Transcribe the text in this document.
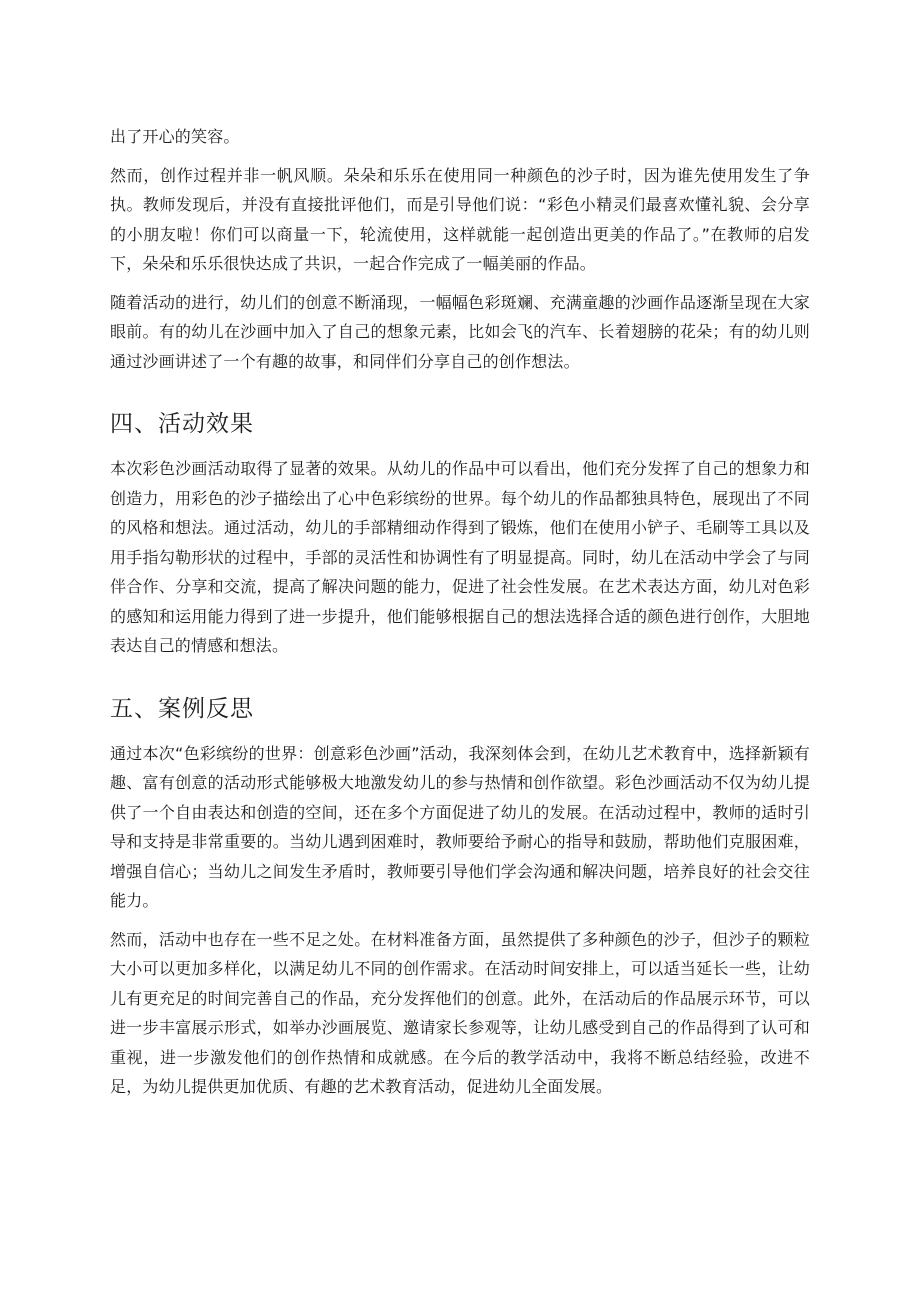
出了开心的笑容。

然而，创作过程并非一帆风顺。朵朵和乐乐在使用同一种颜色的沙子时，因为谁先使用发生了争执。教师发现后，并没有直接批评他们，而是引导他们说：“彩色小精灵们最喜欢懂礼貌、会分享的小朋友啦！你们可以商量一下，轮流使用，这样就能一起创造出更美的作品了。”在教师的启发下，朵朵和乐乐很快达成了共识，一起合作完成了一幅美丽的作品。

随着活动的进行，幼儿们的创意不断涌现，一幅幅色彩斑斓、充满童趣的沙画作品逐渐呈现在大家眼前。有的幼儿在沙画中加入了自己的想象元素，比如会飞的汽车、长着翅膀的花朵；有的幼儿则通过沙画讲述了一个有趣的故事，和同伴们分享自己的创作想法。

四、活动效果

本次彩色沙画活动取得了显著的效果。从幼儿的作品中可以看出，他们充分发挥了自己的想象力和创造力，用彩色的沙子描绘出了心中色彩缤纷的世界。每个幼儿的作品都独具特色，展现出了不同的风格和想法。通过活动，幼儿的手部精细动作得到了锻炼，他们在使用小铲子、毛刷等工具以及用手指勾勒形状的过程中，手部的灵活性和协调性有了明显提高。同时，幼儿在活动中学会了与同伴合作、分享和交流，提高了解决问题的能力，促进了社会性发展。在艺术表达方面，幼儿对色彩的感知和运用能力得到了进一步提升，他们能够根据自己的想法选择合适的颜色进行创作，大胆地表达自己的情感和想法。

五、案例反思

通过本次“色彩缤纷的世界：创意彩色沙画”活动，我深刻体会到，在幼儿艺术教育中，选择新颖有趣、富有创意的活动形式能够极大地激发幼儿的参与热情和创作欲望。彩色沙画活动不仅为幼儿提供了一个自由表达和创造的空间，还在多个方面促进了幼儿的发展。在活动过程中，教师的适时引导和支持是非常重要的。当幼儿遇到困难时，教师要给予耐心的指导和鼓励，帮助他们克服困难，增强自信心；当幼儿之间发生矛盾时，教师要引导他们学会沟通和解决问题，培养良好的社会交往能力。

然而，活动中也存在一些不足之处。在材料准备方面，虽然提供了多种颜色的沙子，但沙子的颗粒大小可以更加多样化，以满足幼儿不同的创作需求。在活动时间安排上，可以适当延长一些，让幼儿有更充足的时间完善自己的作品，充分发挥他们的创意。此外，在活动后的作品展示环节，可以进一步丰富展示形式，如举办沙画展览、邀请家长参观等，让幼儿感受到自己的作品得到了认可和重视，进一步激发他们的创作热情和成就感。在今后的教学活动中，我将不断总结经验，改进不足，为幼儿提供更加优质、有趣的艺术教育活动，促进幼儿全面发展。
